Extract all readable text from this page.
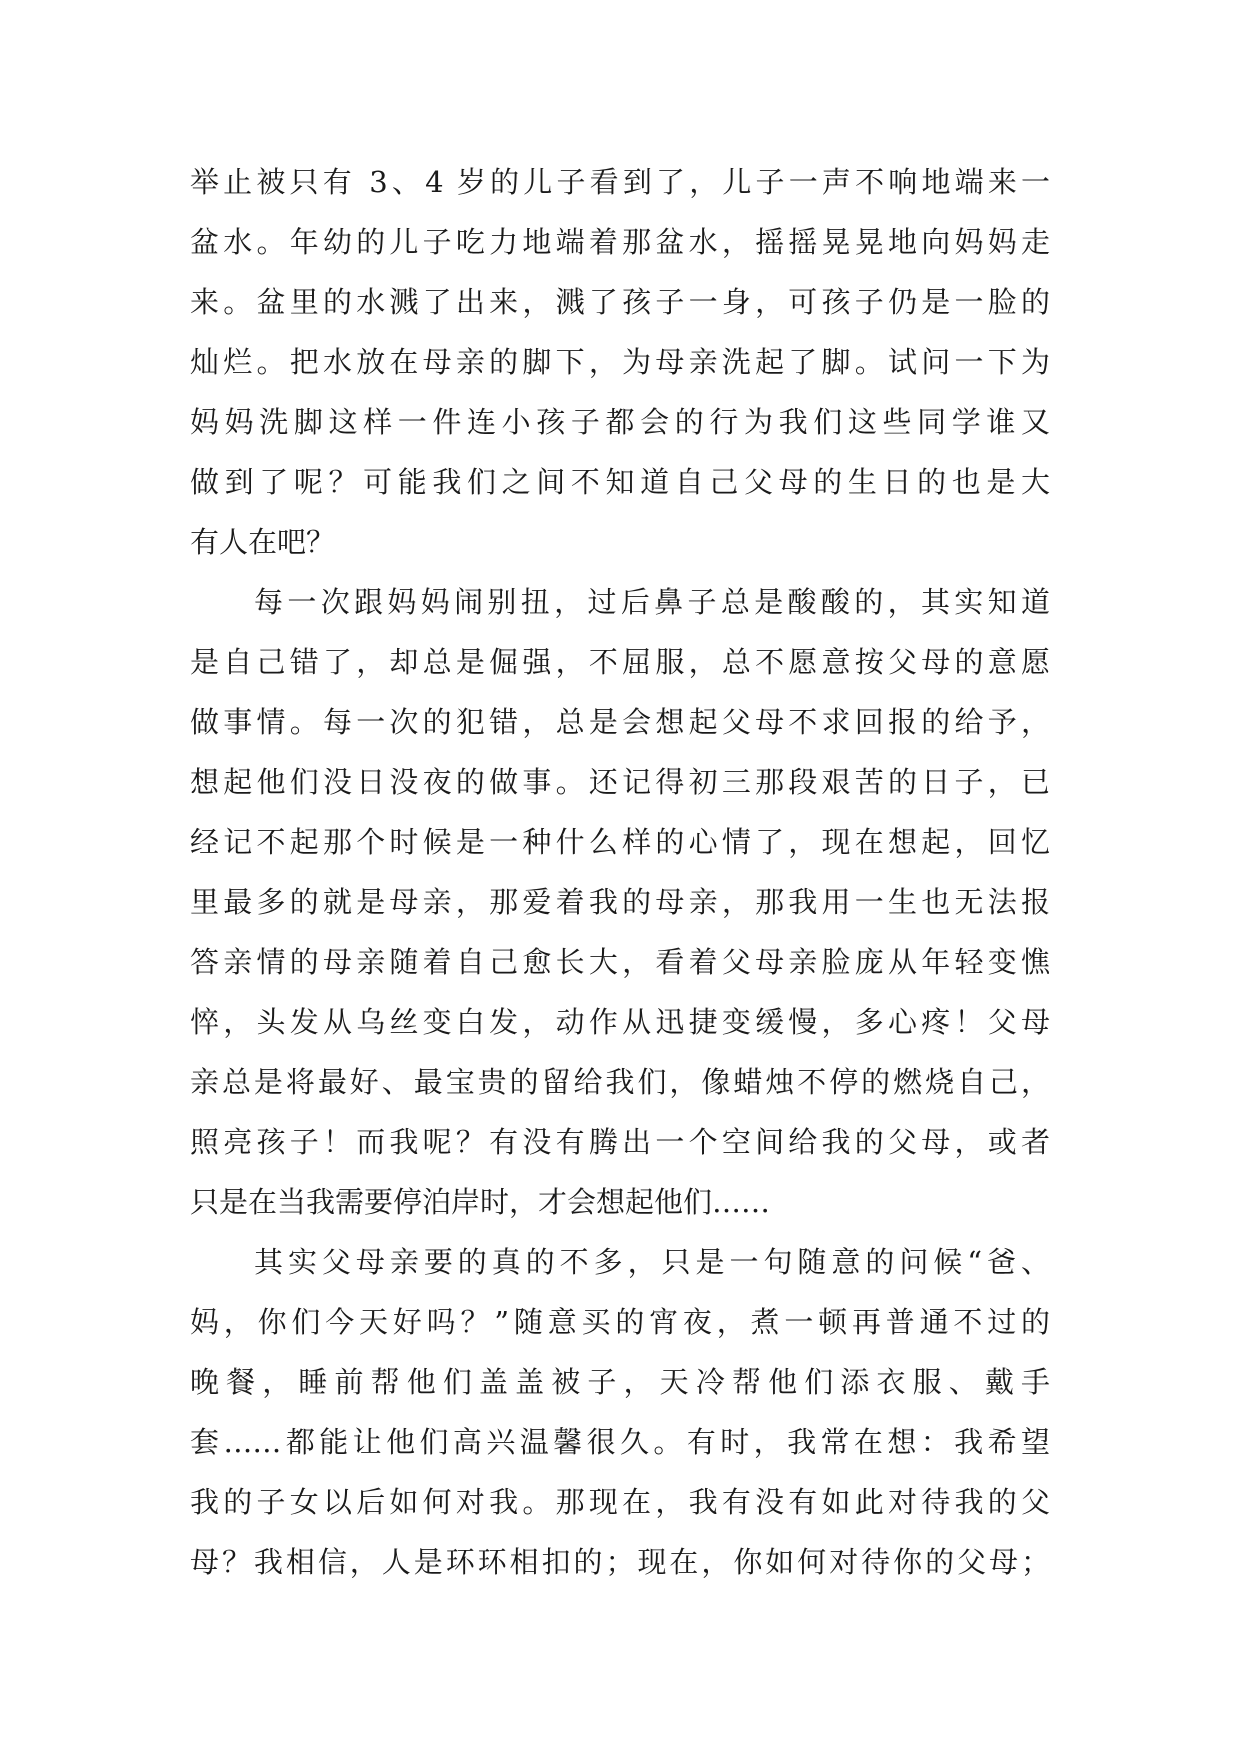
举止被只有 3、4 岁的儿子看到了，儿子一声不响地端来一
盆水。年幼的儿子吃力地端着那盆水，摇摇晃晃地向妈妈走
来。盆里的水溅了出来，溅了孩子一身，可孩子仍是一脸的
灿烂。把水放在母亲的脚下，为母亲洗起了脚。试问一下为
妈妈洗脚这样一件连小孩子都会的行为我们这些同学谁又
做到了呢？可能我们之间不知道自己父母的生日的也是大
有人在吧？
每一次跟妈妈闹别扭，过后鼻子总是酸酸的，其实知道
是自己错了，却总是倔强，不屈服，总不愿意按父母的意愿
做事情。每一次的犯错，总是会想起父母不求回报的给予，
想起他们没日没夜的做事。还记得初三那段艰苦的日子，已
经记不起那个时候是一种什么样的心情了，现在想起，回忆
里最多的就是母亲，那爱着我的母亲，那我用一生也无法报
答亲情的母亲随着自己愈长大，看着父母亲脸庞从年轻变憔
悴，头发从乌丝变白发，动作从迅捷变缓慢，多心疼！父母
亲总是将最好、最宝贵的留给我们，像蜡烛不停的燃烧自己，
照亮孩子！而我呢？有没有腾出一个空间给我的父母，或者
只是在当我需要停泊岸时，才会想起他们……
其实父母亲要的真的不多，只是一句随意的问候“爸、
妈，你们今天好吗？”随意买的宵夜，煮一顿再普通不过的
晚餐，睡前帮他们盖盖被子，天冷帮他们添衣服、戴手
套……都能让他们高兴温馨很久。有时，我常在想：我希望
我的子女以后如何对我。那现在，我有没有如此对待我的父
母？我相信，人是环环相扣的；现在，你如何对待你的父母；
